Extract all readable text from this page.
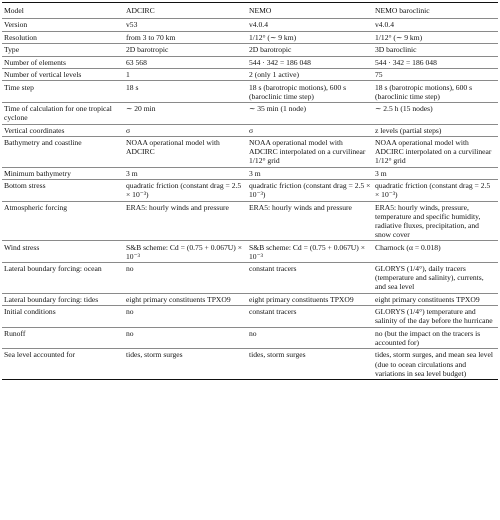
Model	ADCIRC	NEMO	NEMO baroclinic
Version	v53	v4.0.4	v4.0.4
Resolution	from 3 to 70 km	1/12° (∼ 9 km)	1/12° (∼ 9 km)
Type	2D barotropic	2D barotropic	3D baroclinic
Number of elements	63 568	544 · 342 = 186 048	544 · 342 = 186 048
Number of vertical levels	1	2 (only 1 active)	75
Time step	18 s	18 s (barotropic motions), 600 s (baroclinic time step)	18 s (barotropic motions), 600 s (baroclinic time step)
Time of calculation for one tropical cyclone	∼ 20 min	∼ 35 min (1 node)	∼ 2.5 h (15 nodes)
Vertical coordinates	σ	σ	z levels (partial steps)
Bathymetry and coastline	NOAA operational model with ADCIRC	NOAA operational model with ADCIRC interpolated on a curvilinear 1/12° grid	NOAA operational model with ADCIRC interpolated on a curvilinear 1/12° grid
Minimum bathymetry	3 m	3 m	3 m
Bottom stress	quadratic friction (constant drag = 2.5 × 10⁻³)	quadratic friction (constant drag = 2.5 × 10⁻³)	quadratic friction (constant drag = 2.5 × 10⁻³)
Atmospheric forcing	ERA5: hourly winds and pressure	ERA5: hourly winds and pressure	ERA5: hourly winds, pressure, temperature and specific humidity, radiative fluxes, precipitation, and snow cover
Wind stress	S&B scheme: Cd = (0.75 + 0.067U) × 10⁻³	S&B scheme: Cd = (0.75 + 0.067U) × 10⁻³	Charnock (α = 0.018)
Lateral boundary forcing: ocean	no	constant tracers	GLORYS (1/4°), daily tracers (temperature and salinity), currents, and sea level
Lateral boundary forcing: tides	eight primary constituents TPXO9	eight primary constituents TPXO9	eight primary constituents TPXO9
Initial conditions	no	constant tracers	GLORYS (1/4°) temperature and salinity of the day before the hurricane
Runoff	no	no	no (but the impact on the tracers is accounted for)
Sea level accounted for	tides, storm surges	tides, storm surges	tides, storm surges, and mean sea level (due to ocean circulations and variations in sea level budget)
